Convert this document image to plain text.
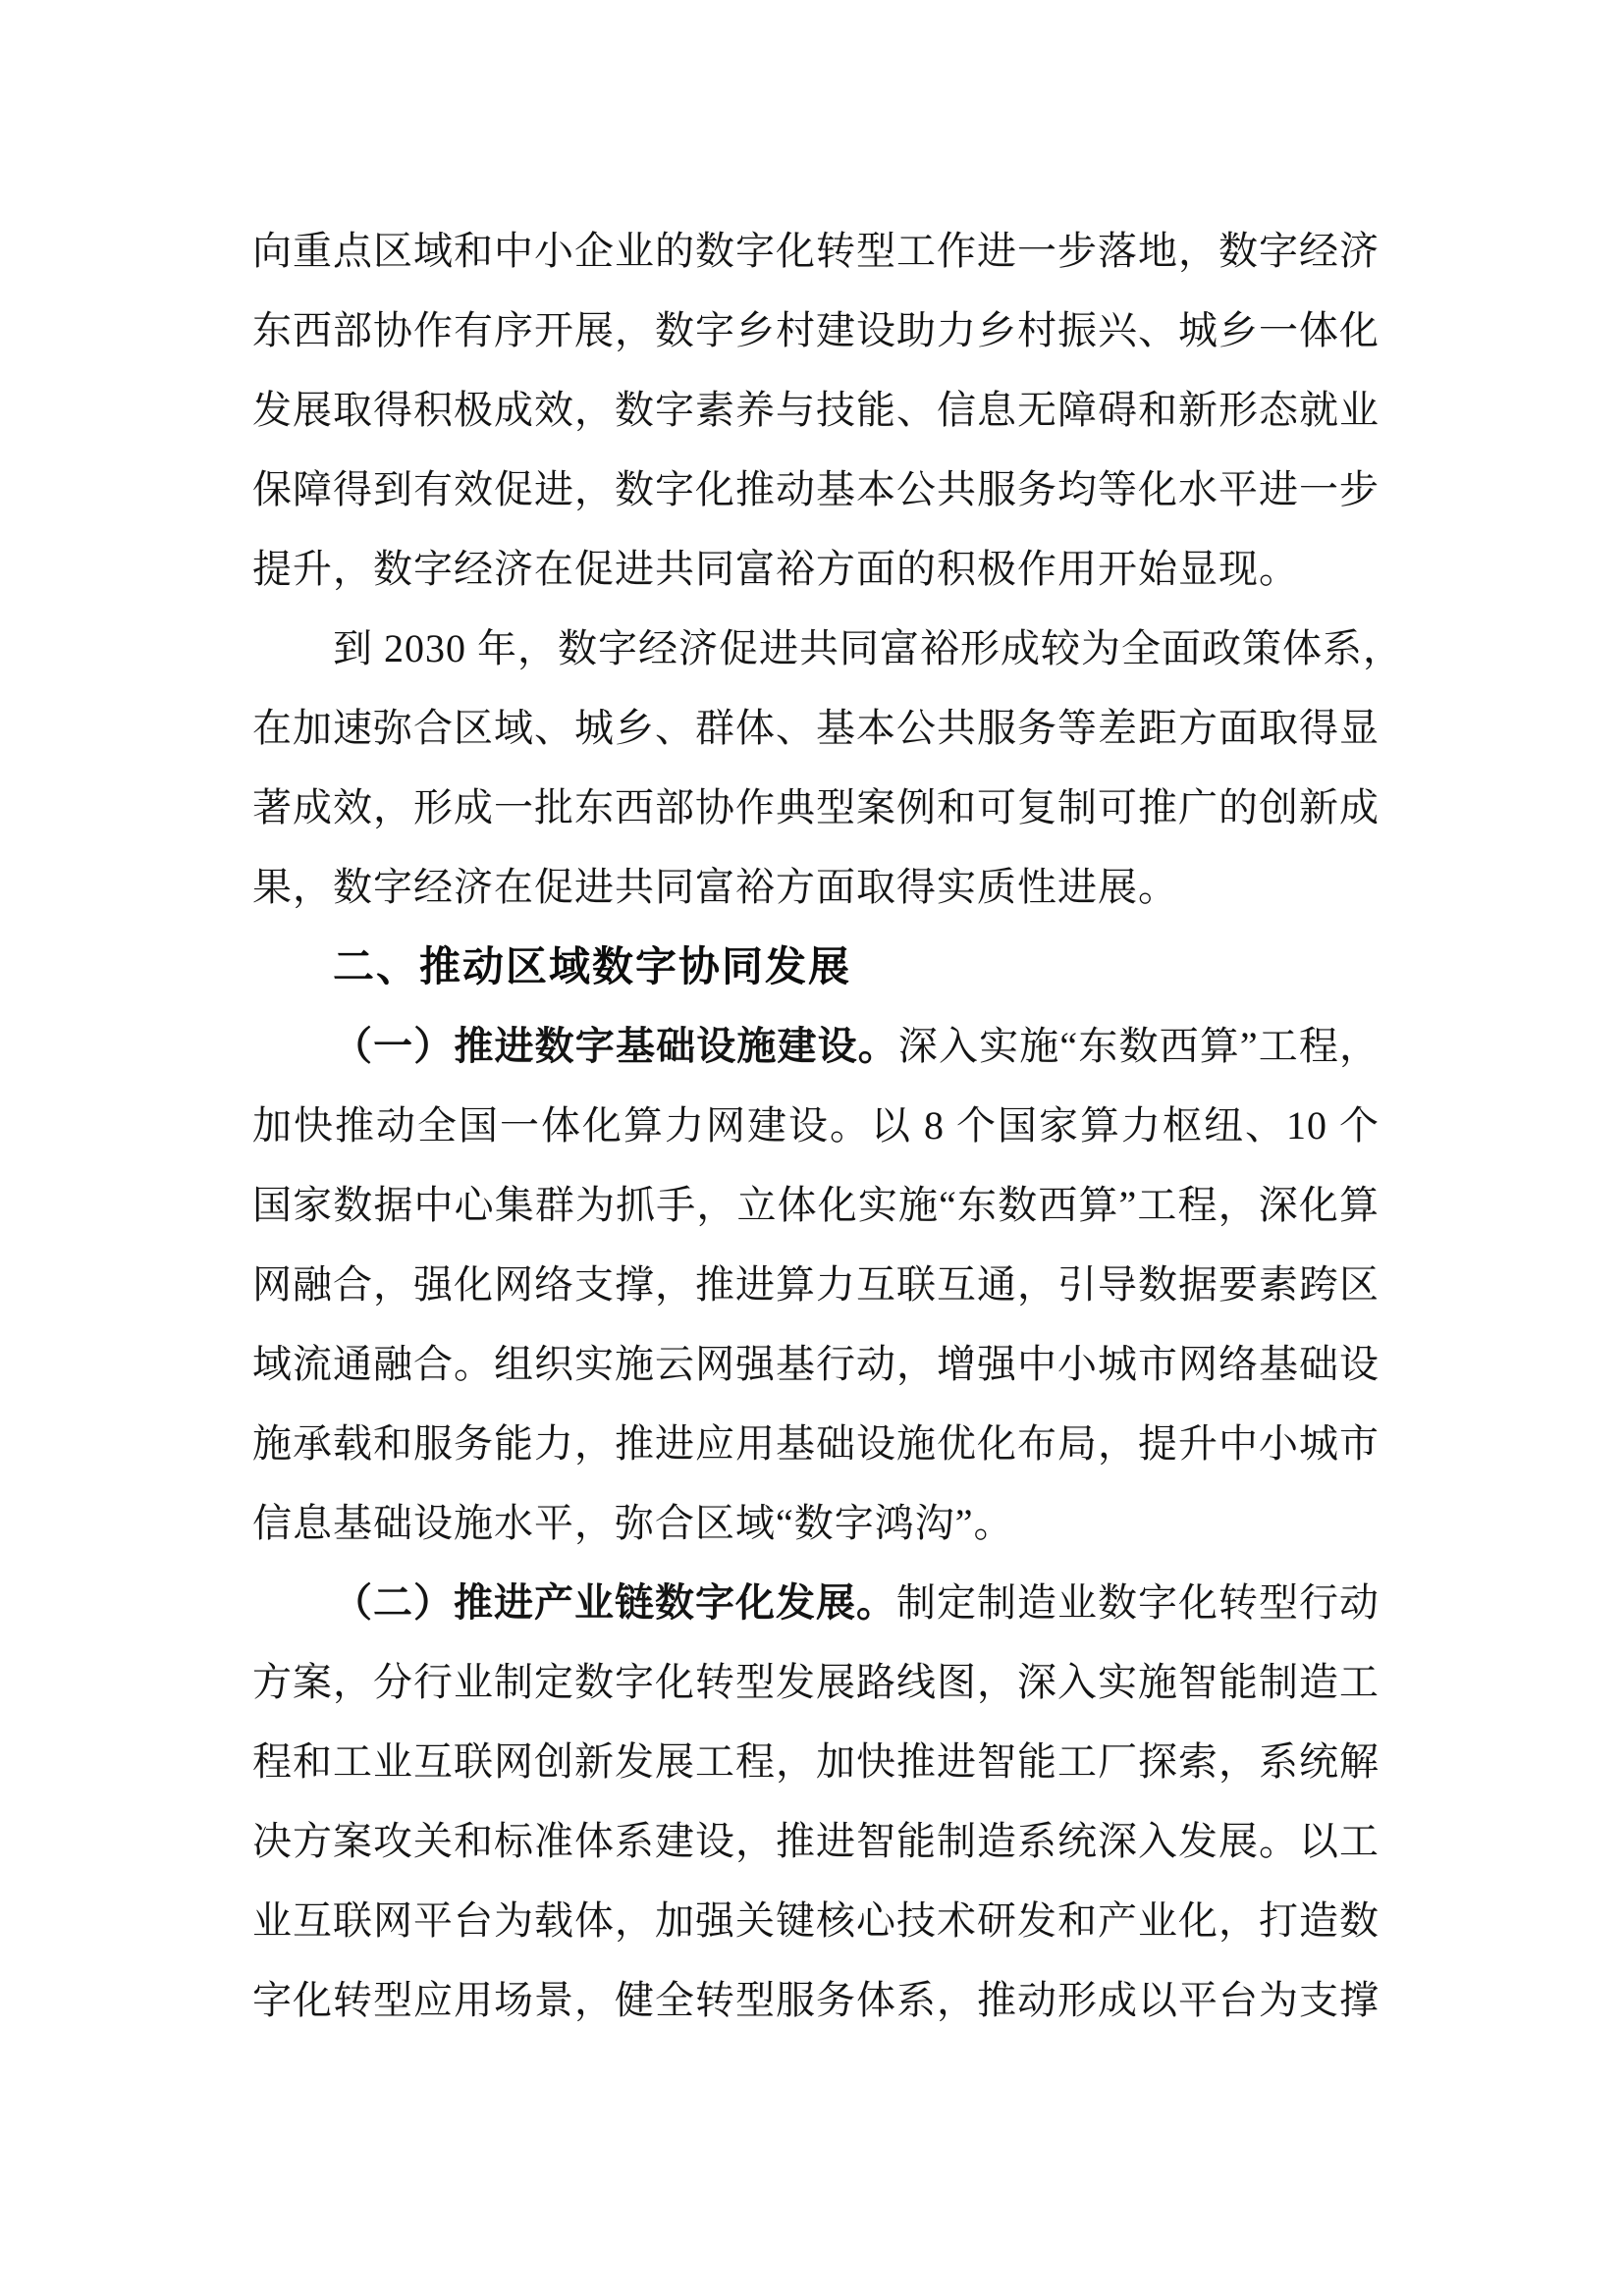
向重点区域和中小企业的数字化转型工作进一步落地，数字经济
东西部协作有序开展，数字乡村建设助力乡村振兴、城乡一体化
发展取得积极成效，数字素养与技能、信息无障碍和新形态就业
保障得到有效促进，数字化推动基本公共服务均等化水平进一步
提升，数字经济在促进共同富裕方面的积极作用开始显现。
到 2030 年，数字经济促进共同富裕形成较为全面政策体系，
在加速弥合区域、城乡、群体、基本公共服务等差距方面取得显
著成效，形成一批东西部协作典型案例和可复制可推广的创新成
果，数字经济在促进共同富裕方面取得实质性进展。
二、推动区域数字协同发展
（一）推进数字基础设施建设。深入实施“东数西算”工程，
加快推动全国一体化算力网建设。以 8 个国家算力枢纽、10 个
国家数据中心集群为抓手，立体化实施“东数西算”工程，深化算
网融合，强化网络支撑，推进算力互联互通，引导数据要素跨区
域流通融合。组织实施云网强基行动，增强中小城市网络基础设
施承载和服务能力，推进应用基础设施优化布局，提升中小城市
信息基础设施水平，弥合区域“数字鸿沟”。
（二）推进产业链数字化发展。制定制造业数字化转型行动
方案，分行业制定数字化转型发展路线图，深入实施智能制造工
程和工业互联网创新发展工程，加快推进智能工厂探索，系统解
决方案攻关和标准体系建设，推进智能制造系统深入发展。以工
业互联网平台为载体，加强关键核心技术研发和产业化，打造数
字化转型应用场景，健全转型服务体系，推动形成以平台为支撑
